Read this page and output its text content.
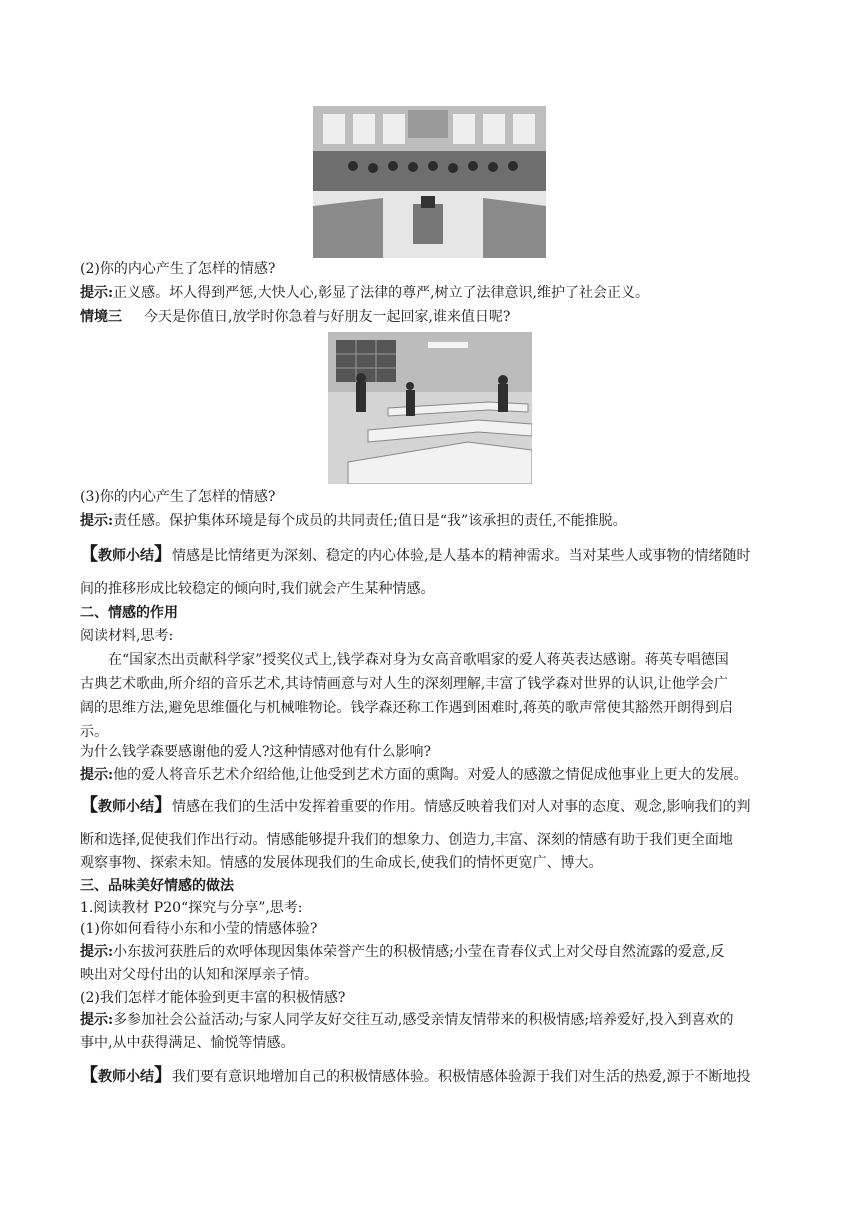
(2)你的内心产生了怎样的情感?
提示:正义感。坏人得到严惩,大快人心,彰显了法律的尊严,树立了法律意识,维护了社会正义。
情境三 今天是你值日,放学时你急着与好朋友一起回家,谁来值日呢?
(3)你的内心产生了怎样的情感?
提示:责任感。保护集体环境是每个成员的共同责任;值日是“我”该承担的责任,不能推脱。
【教师小结】情感是比情绪更为深刻、稳定的内心体验,是人基本的精神需求。当对某些人或事物的情绪随时
间的推移形成比较稳定的倾向时,我们就会产生某种情感。
二、情感的作用
阅读材料,思考:
在“国家杰出贡献科学家”授奖仪式上,钱学森对身为女高音歌唱家的爱人蒋英表达感谢。蒋英专唱德国
古典艺术歌曲,所介绍的音乐艺术,其诗情画意与对人生的深刻理解,丰富了钱学森对世界的认识,让他学会广
阔的思维方法,避免思维僵化与机械唯物论。钱学森还称工作遇到困难时,蒋英的歌声常使其豁然开朗得到启
示。
为什么钱学森要感谢他的爱人?这种情感对他有什么影响?
提示:他的爱人将音乐艺术介绍给他,让他受到艺术方面的熏陶。对爱人的感激之情促成他事业上更大的发展。
【教师小结】情感在我们的生活中发挥着重要的作用。情感反映着我们对人对事的态度、观念,影响我们的判
断和选择,促使我们作出行动。情感能够提升我们的想象力、创造力,丰富、深刻的情感有助于我们更全面地
观察事物、探索未知。情感的发展体现我们的生命成长,使我们的情怀更宽广、博大。
三、品味美好情感的做法
1.阅读教材 P20“探究与分享”,思考:
(1)你如何看待小东和小莹的情感体验?
提示:小东拔河获胜后的欢呼体现因集体荣誉产生的积极情感;小莹在青春仪式上对父母自然流露的爱意,反
映出对父母付出的认知和深厚亲子情。
(2)我们怎样才能体验到更丰富的积极情感?
提示:多参加社会公益活动;与家人同学友好交往互动,感受亲情友情带来的积极情感;培养爱好,投入到喜欢的
事中,从中获得满足、愉悦等情感。
【教师小结】我们要有意识地增加自己的积极情感体验。积极情感体验源于我们对生活的热爱,源于不断地投
